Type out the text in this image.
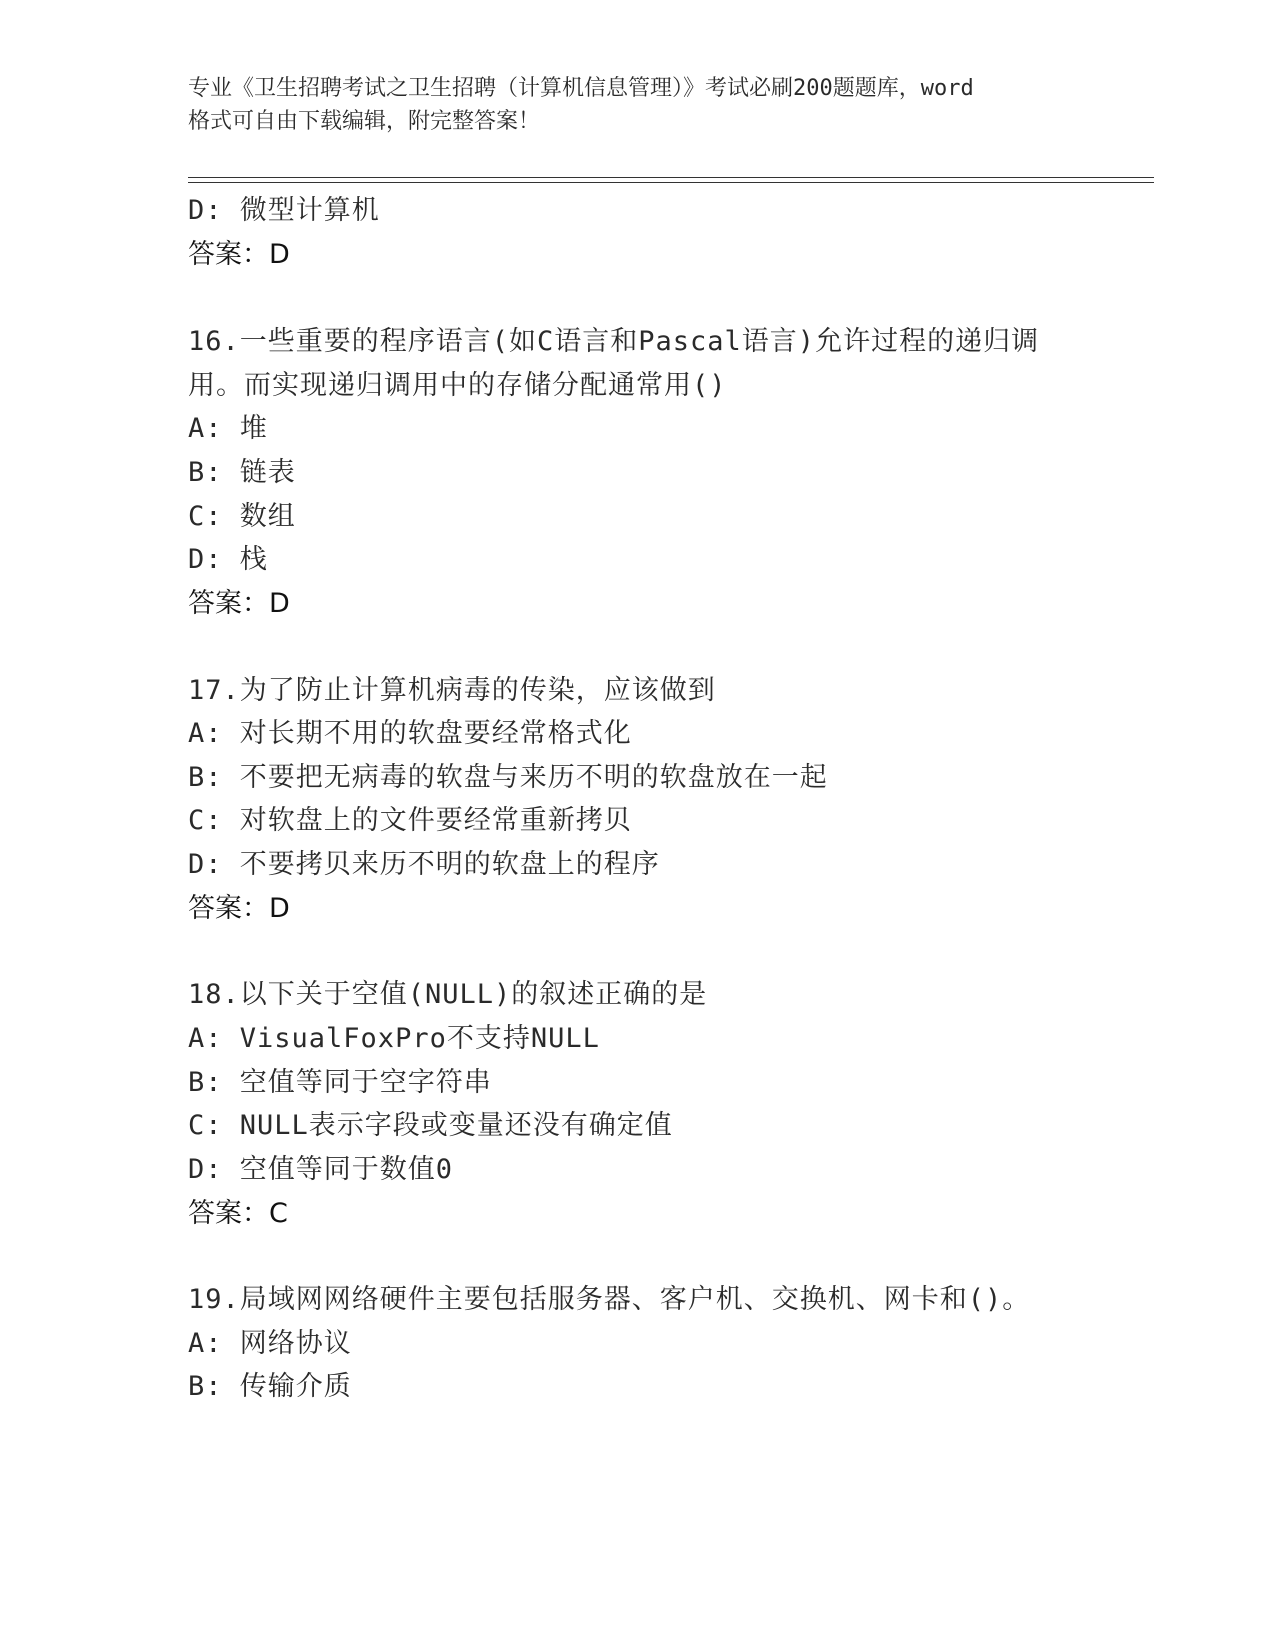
专业《卫生招聘考试之卫生招聘（计算机信息管理）》考试必刷200题题库，word
格式可自由下载编辑，附完整答案！
D: 微型计算机
答案：D
16.一些重要的程序语言(如C语言和Pascal语言)允许过程的递归调
用。而实现递归调用中的存储分配通常用()
A: 堆
B: 链表
C: 数组
D: 栈
答案：D
17.为了防止计算机病毒的传染，应该做到
A: 对长期不用的软盘要经常格式化
B: 不要把无病毒的软盘与来历不明的软盘放在一起
C: 对软盘上的文件要经常重新拷贝
D: 不要拷贝来历不明的软盘上的程序
答案：D
18.以下关于空值(NULL)的叙述正确的是
A: VisualFoxPro不支持NULL
B: 空值等同于空字符串
C: NULL表示字段或变量还没有确定值
D: 空值等同于数值0
答案：C
19.局域网网络硬件主要包括服务器、客户机、交换机、网卡和()。
A: 网络协议
B: 传输介质
